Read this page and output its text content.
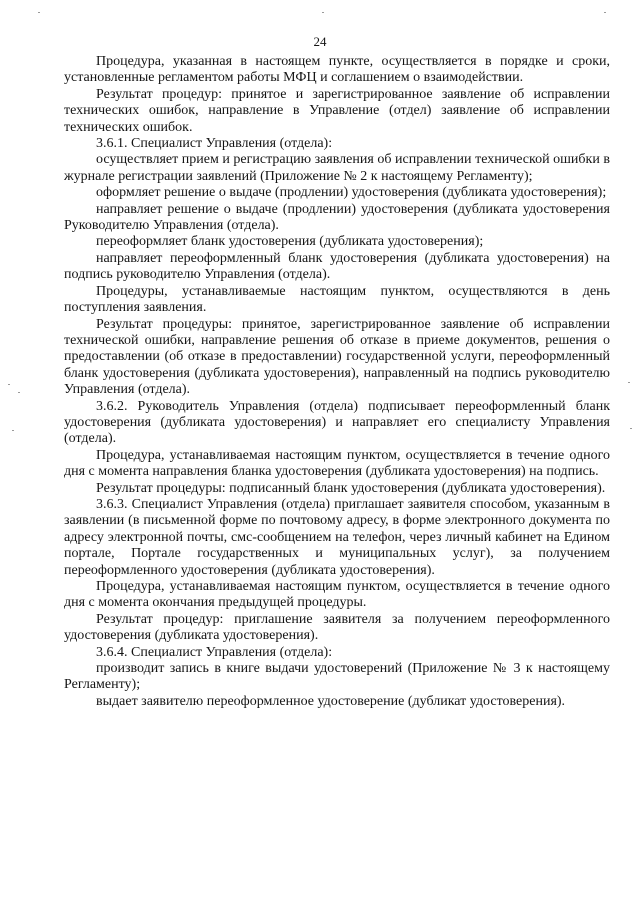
24

Процедура, указанная в настоящем пункте, осуществляется в порядке и сроки, установленные регламентом работы МФЦ и соглашением о взаимодействии.

Результат процедур: принятое и зарегистрированное заявление об исправлении технических ошибок, направление в Управление (отдел) заявление об исправлении технических ошибок.

3.6.1. Специалист Управления (отдела):

осуществляет прием и регистрацию заявления об исправлении технической ошибки в журнале регистрации заявлений (Приложение № 2 к настоящему Регламенту);

оформляет решение о выдаче (продлении) удостоверения (дубликата удостоверения);

направляет решение о выдаче (продлении) удостоверения (дубликата удостоверения Руководителю Управления (отдела).

переоформляет бланк удостоверения (дубликата удостоверения);

направляет переоформленный бланк удостоверения (дубликата удостоверения) на подпись руководителю Управления (отдела).

Процедуры, устанавливаемые настоящим пунктом, осуществляются в день поступления заявления.

Результат процедуры: принятое, зарегистрированное заявление об исправлении технической ошибки, направление решения об отказе в приеме документов, решения о предоставлении (об отказе в предоставлении) государственной услуги, переоформленный бланк удостоверения (дубликата удостоверения), направленный на подпись руководителю Управления (отдела).

3.6.2. Руководитель Управления (отдела) подписывает переоформленный бланк удостоверения (дубликата удостоверения) и направляет его специалисту Управления (отдела).

Процедура, устанавливаемая настоящим пунктом, осуществляется в течение одного дня с момента направления бланка удостоверения (дубликата удостоверения) на подпись.

Результат процедуры: подписанный бланк удостоверения (дубликата удостоверения).

3.6.3. Специалист Управления (отдела) приглашает заявителя способом, указанным в заявлении (в письменной форме по почтовому адресу, в форме электронного документа по адресу электронной почты, смс-сообщением на телефон, через личный кабинет на Едином портале, Портале государственных и муниципальных услуг), за получением переоформленного удостоверения (дубликата удостоверения).

Процедура, устанавливаемая настоящим пунктом, осуществляется в течение одного дня с момента окончания предыдущей процедуры.

Результат процедур: приглашение заявителя за получением переоформленного удостоверения (дубликата удостоверения).

3.6.4. Специалист Управления (отдела):

производит запись в книге выдачи удостоверений (Приложение № 3 к настоящему Регламенту);

выдает заявителю переоформленное удостоверение (дубликат удостоверения).
